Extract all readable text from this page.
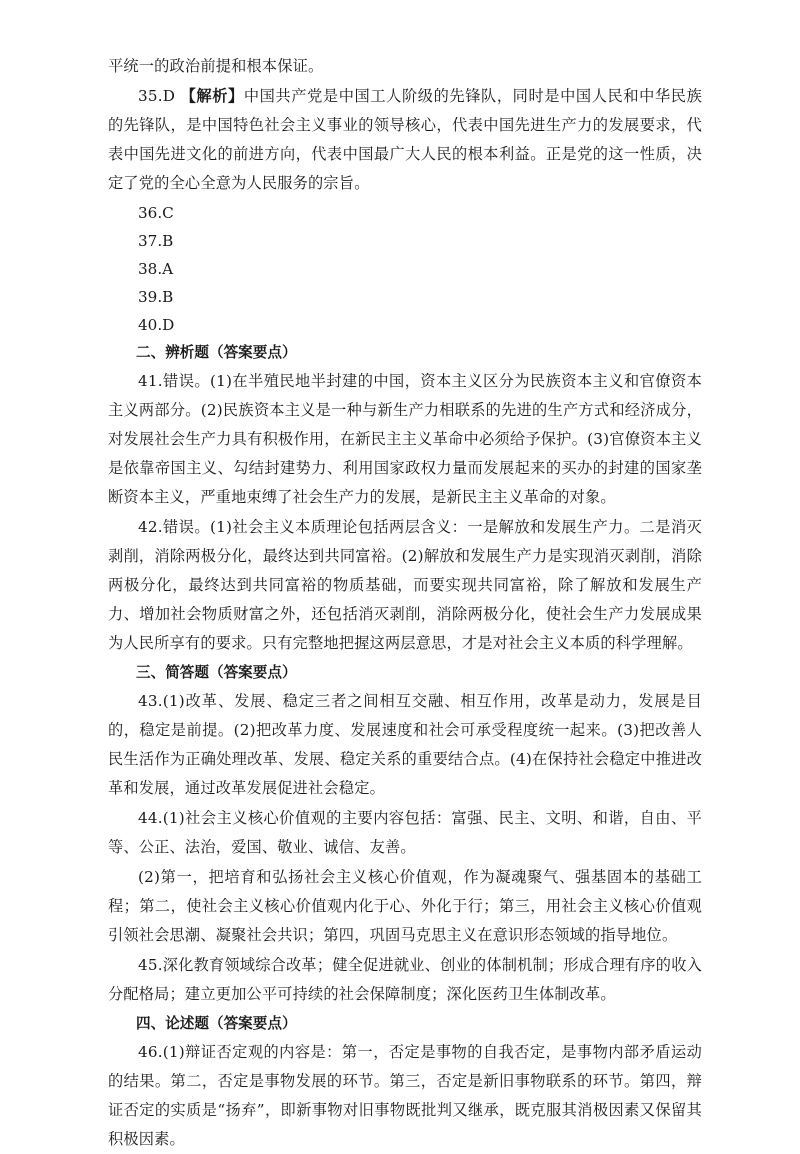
平统一的政治前提和根本保证。

35.D 【解析】中国共产党是中国工人阶级的先锋队，同时是中国人民和中华民族的先锋队，是中国特色社会主义事业的领导核心，代表中国先进生产力的发展要求，代表中国先进文化的前进方向，代表中国最广大人民的根本利益。正是党的这一性质，决定了党的全心全意为人民服务的宗旨。

36.C

37.B

38.A

39.B

40.D

二、辨析题（答案要点）

41.错误。(1)在半殖民地半封建的中国，资本主义区分为民族资本主义和官僚资本主义两部分。(2)民族资本主义是一种与新生产力相联系的先进的生产方式和经济成分，对发展社会生产力具有积极作用，在新民主主义革命中必须给予保护。(3)官僚资本主义是依靠帝国主义、勾结封建势力、利用国家政权力量而发展起来的买办的封建的国家垄断资本主义，严重地束缚了社会生产力的发展，是新民主主义革命的对象。

42.错误。(1)社会主义本质理论包括两层含义：一是解放和发展生产力。二是消灭剥削，消除两极分化，最终达到共同富裕。(2)解放和发展生产力是实现消灭剥削，消除两极分化，最终达到共同富裕的物质基础，而要实现共同富裕，除了解放和发展生产力、增加社会物质财富之外，还包括消灭剥削，消除两极分化，使社会生产力发展成果为人民所享有的要求。只有完整地把握这两层意思，才是对社会主义本质的科学理解。

三、简答题（答案要点）

43.(1)改革、发展、稳定三者之间相互交融、相互作用，改革是动力，发展是目的，稳定是前提。(2)把改革力度、发展速度和社会可承受程度统一起来。(3)把改善人民生活作为正确处理改革、发展、稳定关系的重要结合点。(4)在保持社会稳定中推进改革和发展，通过改革发展促进社会稳定。

44.(1)社会主义核心价值观的主要内容包括：富强、民主、文明、和谐，自由、平等、公正、法治，爱国、敬业、诚信、友善。

(2)第一，把培育和弘扬社会主义核心价值观，作为凝魂聚气、强基固本的基础工程；第二，使社会主义核心价值观内化于心、外化于行；第三，用社会主义核心价值观引领社会思潮、凝聚社会共识；第四，巩固马克思主义在意识形态领域的指导地位。

45.深化教育领域综合改革；健全促进就业、创业的体制机制；形成合理有序的收入分配格局；建立更加公平可持续的社会保障制度；深化医药卫生体制改革。

四、论述题（答案要点）

46.(1)辩证否定观的内容是：第一，否定是事物的自我否定，是事物内部矛盾运动的结果。第二，否定是事物发展的环节。第三，否定是新旧事物联系的环节。第四，辩证否定的实质是“扬弃”，即新事物对旧事物既批判又继承，既克服其消极因素又保留其积极因素。
